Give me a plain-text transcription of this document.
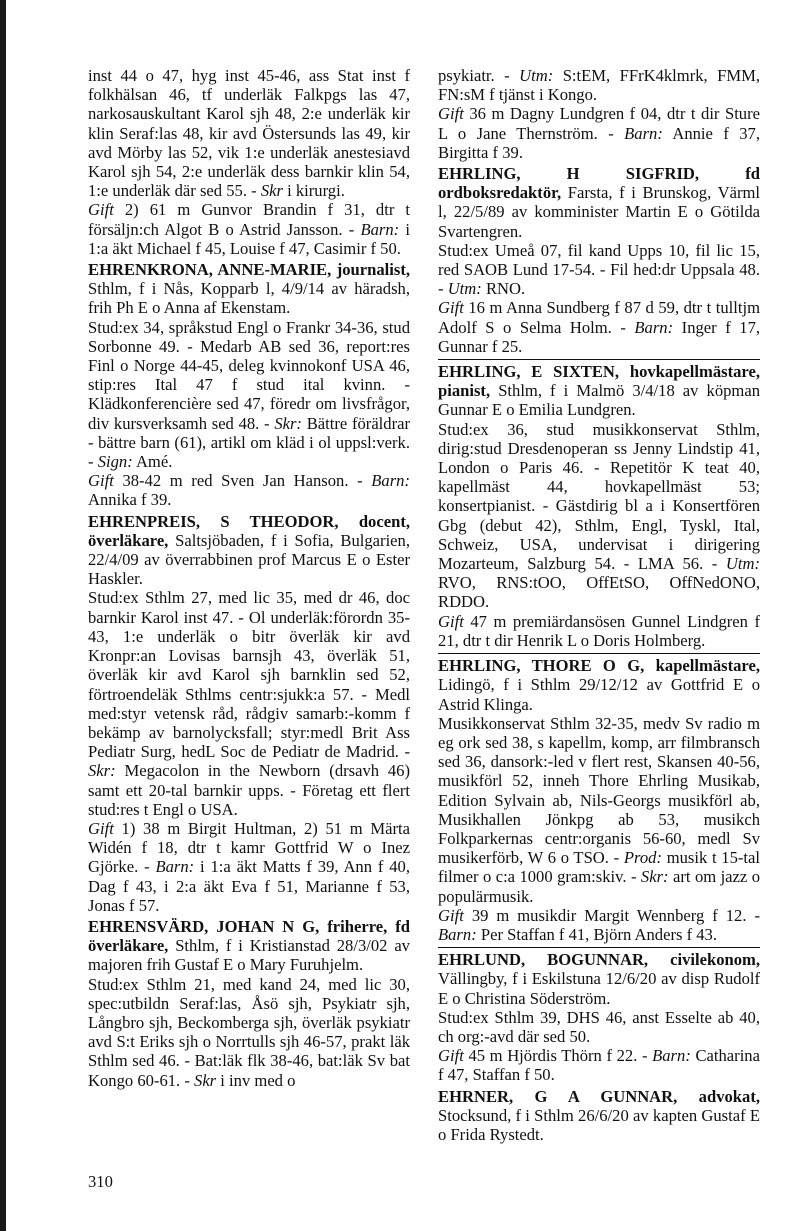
inst 44 o 47, hyg inst 45-46, ass Stat inst f folkhälsan 46, tf underläk Falkpgs las 47, narkosauskultant Karol sjh 48, 2:e underläk kir klin Seraf:las 48, kir avd Östersunds las 49, kir avd Mörby las 52, vik 1:e underläk anestesiavd Karol sjh 54, 2:e underläk dess barnkir klin 54, 1:e underläk där sed 55. - Skr i kirurgi.
Gift 2) 61 m Gunvor Brandin f 31, dtr t försäljn:ch Algot B o Astrid Jansson. - Barn: i 1:a äkt Michael f 45, Louise f 47, Casimir f 50.
EHRENKRONA, ANNE-MARIE, journalist, Sthlm, f i Nås, Kopparb l, 4/9/14 av häradsh, frih Ph E o Anna af Ekenstam.
Stud:ex 34, språkstud Engl o Frankr 34-36, stud Sorbonne 49. - Medarb AB sed 36, report:res Finl o Norge 44-45, deleg kvinnokonf USA 46, stip:res Ital 47 f stud ital kvinn. - Klädkonferencière sed 47, föredr om livsfrågor, div kursverksamh sed 48. - Skr: Bättre föräldrar - bättre barn (61), artikl om kläd i ol uppsl:verk. - Sign: Amé.
Gift 38-42 m red Sven Jan Hanson. - Barn: Annika f 39.
EHRENPREIS, S THEODOR, docent, överläkare, Saltsjöbaden, f i Sofia, Bulgarien, 22/4/09 av överrabbinen prof Marcus E o Ester Haskler.
Stud:ex Sthlm 27, med lic 35, med dr 46, doc barnkir Karol inst 47. - Ol underläk:förordn 35-43, 1:e underläk o bitr överläk kir avd Kronpr:an Lovisas barnsjh 43, överläk 51, överläk kir avd Karol sjh barnklin sed 52, förtroendeläk Sthlms centr:sjukk:a 57. - Medl med:styr vetensk råd, rådgiv samarb:-komm f bekämp av barnolycksfall; styr:medl Brit Ass Pediatr Surg, hedL Soc de Pediatr de Madrid. - Skr: Megacolon in the Newborn (drsavh 46) samt ett 20-tal barnkir upps. - Företag ett flert stud:res t Engl o USA.
Gift 1) 38 m Birgit Hultman, 2) 51 m Märta Widén f 18, dtr t kamr Gottfrid W o Inez Gjörke. - Barn: i 1:a äkt Matts f 39, Ann f 40, Dag f 43, i 2:a äkt Eva f 51, Marianne f 53, Jonas f 57.
EHRENSVÄRD, JOHAN N G, friherre, fd överläkare, Sthlm, f i Kristianstad 28/3/02 av majoren frih Gustaf E o Mary Furuhjelm.
Stud:ex Sthlm 21, med kand 24, med lic 30, spec:utbildn Seraf:las, Åsö sjh, Psykiatr sjh, Långbro sjh, Beckomberga sjh, överläk psykiatr avd S:t Eriks sjh o Norrtulls sjh 46-57, prakt läk Sthlm sed 46. - Bat:läk flk 38-46, bat:läk Sv bat Kongo 60-61. - Skr i inv med o
psykiatr. - Utm: S:tEM, FFrK4klmrk, FMM, FN:sM f tjänst i Kongo.
Gift 36 m Dagny Lundgren f 04, dtr t dir Sture L o Jane Thernström. - Barn: Annie f 37, Birgitta f 39.
EHRLING, H SIGFRID,	fd ordboksredaktör, Farsta, f i Brunskog, Värml l, 22/5/89 av komminister Martin E o Götilda Svartengren.
Stud:ex Umeå 07, fil kand Upps 10, fil lic 15, red SAOB Lund 17-54. - Fil hed:dr Uppsala 48. - Utm: RNO.
Gift 16 m Anna Sundberg f 87 d 59, dtr t tulltjm Adolf S o Selma Holm. - Barn: Inger f 17, Gunnar f 25.
EHRLING, E SIXTEN, hovkapellmästare, pianist, Sthlm, f i Malmö 3/4/18 av köpman Gunnar E o Emilia Lundgren.
Stud:ex 36, stud musikkonservat Sthlm, dirig:stud Dresdenoperan ss Jenny Lindstip 41, London o Paris 46. - Repetitör K teat 40, kapellmäst 44, hovkapellmäst 53; konsertpianist. - Gästdirig bl a i Konsertfören Gbg (debut 42), Sthlm, Engl, Tyskl, Ital, Schweiz, USA, undervisat i dirigering Mozarteum, Salzburg 54. - LMA 56. - Utm: RVO, RNS:tOO, OffEtSO, OffNedONO, RDDO.
Gift 47 m premiärdansösen Gunnel Lindgren f 21, dtr t dir Henrik L o Doris Holmberg.
EHRLING, THORE O G, kapellmästare, Lidingö, f i Sthlm 29/12/12 av Gottfrid E o Astrid Klinga.
Musikkonservat Sthlm 32-35, medv Sv radio m eg ork sed 38, s kapellm, komp, arr filmbransch sed 36, dansork:-led v flert rest, Skansen 40-56, musikförl 52, inneh Thore Ehrling Musikab, Edition Sylvain ab, Nils-Georgs musikförl ab, Musikhallen Jönkpg ab 53, musikch Folkparkernas centr:organis 56-60, medl Sv musikerförb, W 6 o TSO. - Prod: musik t 15-tal filmer o c:a 1000 gram:skiv. - Skr: art om jazz o populärmusik.
Gift 39 m musikdir Margit Wennberg f 12. - Barn: Per Staffan f 41, Björn Anders f 43.
EHRLUND, BOGUNNAR, civilekonom, Vällingby, f i Eskilstuna 12/6/20 av disp Rudolf E o Christina Söderström.
Stud:ex Sthlm 39, DHS 46, anst Esselte ab 40, ch org:-avd där sed 50.
Gift 45 m Hjördis Thörn f 22. - Barn: Catharina f 47, Staffan f 50.
EHRNER, G A GUNNAR, advokat, Stocksund, f i Sthlm 26/6/20 av kapten Gustaf E o Frida Rystedt.
310
